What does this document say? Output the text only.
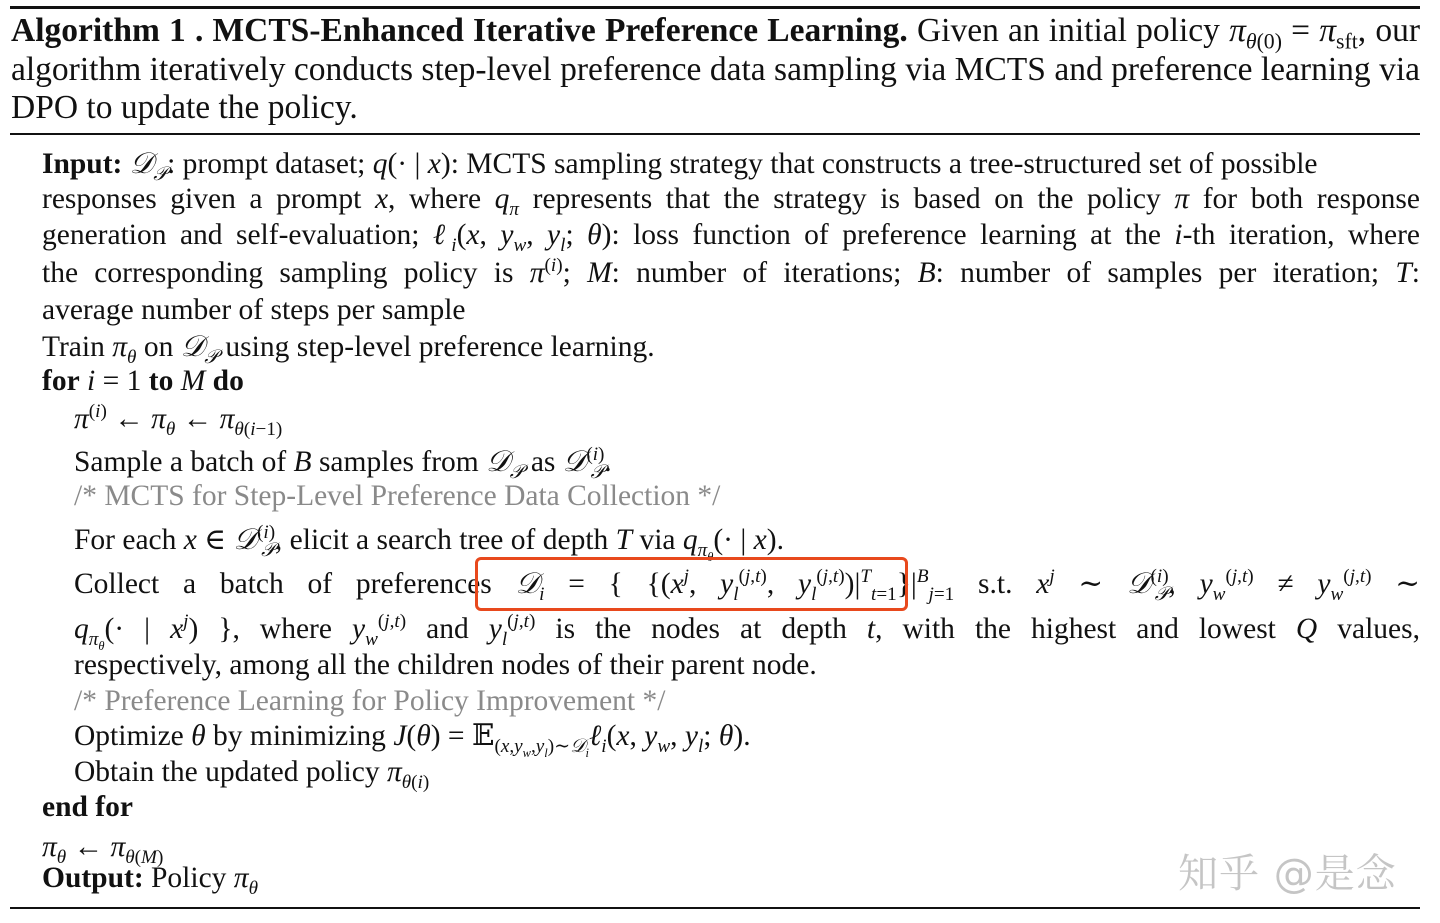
Algorithm 1 . MCTS-Enhanced Iterative Preference Learning. Given an initial policy $\pi_{\theta(0)} = \pi_{sft}$, our algorithm iteratively conducts step-level preference data sampling via MCTS and preference learning via DPO to update the policy.
Input: 𝒟$_𝒫$: prompt dataset; q(· | x): MCTS sampling strategy that constructs a tree-structured set of possible
responses given a prompt x, where $q_\pi$ represents that the strategy is based on the policy π for both response
generation and self-evaluation; ℓ$_i$(x, $y_w$, $y_l$; θ): loss function of preference learning at the i-th iteration, where
the corresponding sampling policy is $\pi^{(i)}$; M: number of iterations; B: number of samples per iteration; T:
average number of steps per sample
Train $\pi_\theta$ on 𝒟$_𝒫$ using step-level preference learning.
for i = 1 to M do
$\pi^{(i)}$ ← $\pi_\theta$ ← $\pi_{\theta(i-1)}$
Sample a batch of B samples from 𝒟$_𝒫$ as 𝒟$^{(i)}_𝒫$.
/* MCTS for Step-Level Preference Data Collection */
For each x ∈ 𝒟$^{(i)}_𝒫$, elicit a search tree of depth T via $q_{\pi_\theta}(\cdot$ | x).
Collect a batch of preferences 𝒟$_i$ = { {($x^j$, $y_l^{(j,t)}$, $y_l^{(j,t)})|^T_{t=1}\}|^B_{j=1}$ s.t. $x^j$ ∼ 𝒟$^{(i)}_𝒫$, $y_w^{(j,t)} \ne y_w^{(j,t)}$ ∼
$q_{\pi_\theta}(\cdot$ | $x^j$) }, where $y_w^{(j,t)}$ and $y_l^{(j,t)}$ is the nodes at depth t, with the highest and lowest Q values,
respectively, among all the children nodes of their parent node.
/* Preference Learning for Policy Improvement */
Optimize θ by minimizing J(θ) = 𝔼$_{(x,y_w,y_l)\sim 𝒟_i}$ℓ$_i$(x, $y_w$, $y_l$; θ).
Obtain the updated policy $\pi_{\theta(i)}$
end for
$\pi_\theta$ ← $\pi_{\theta(M)}$
Output: Policy $\pi_\theta$	知乎 @是念
